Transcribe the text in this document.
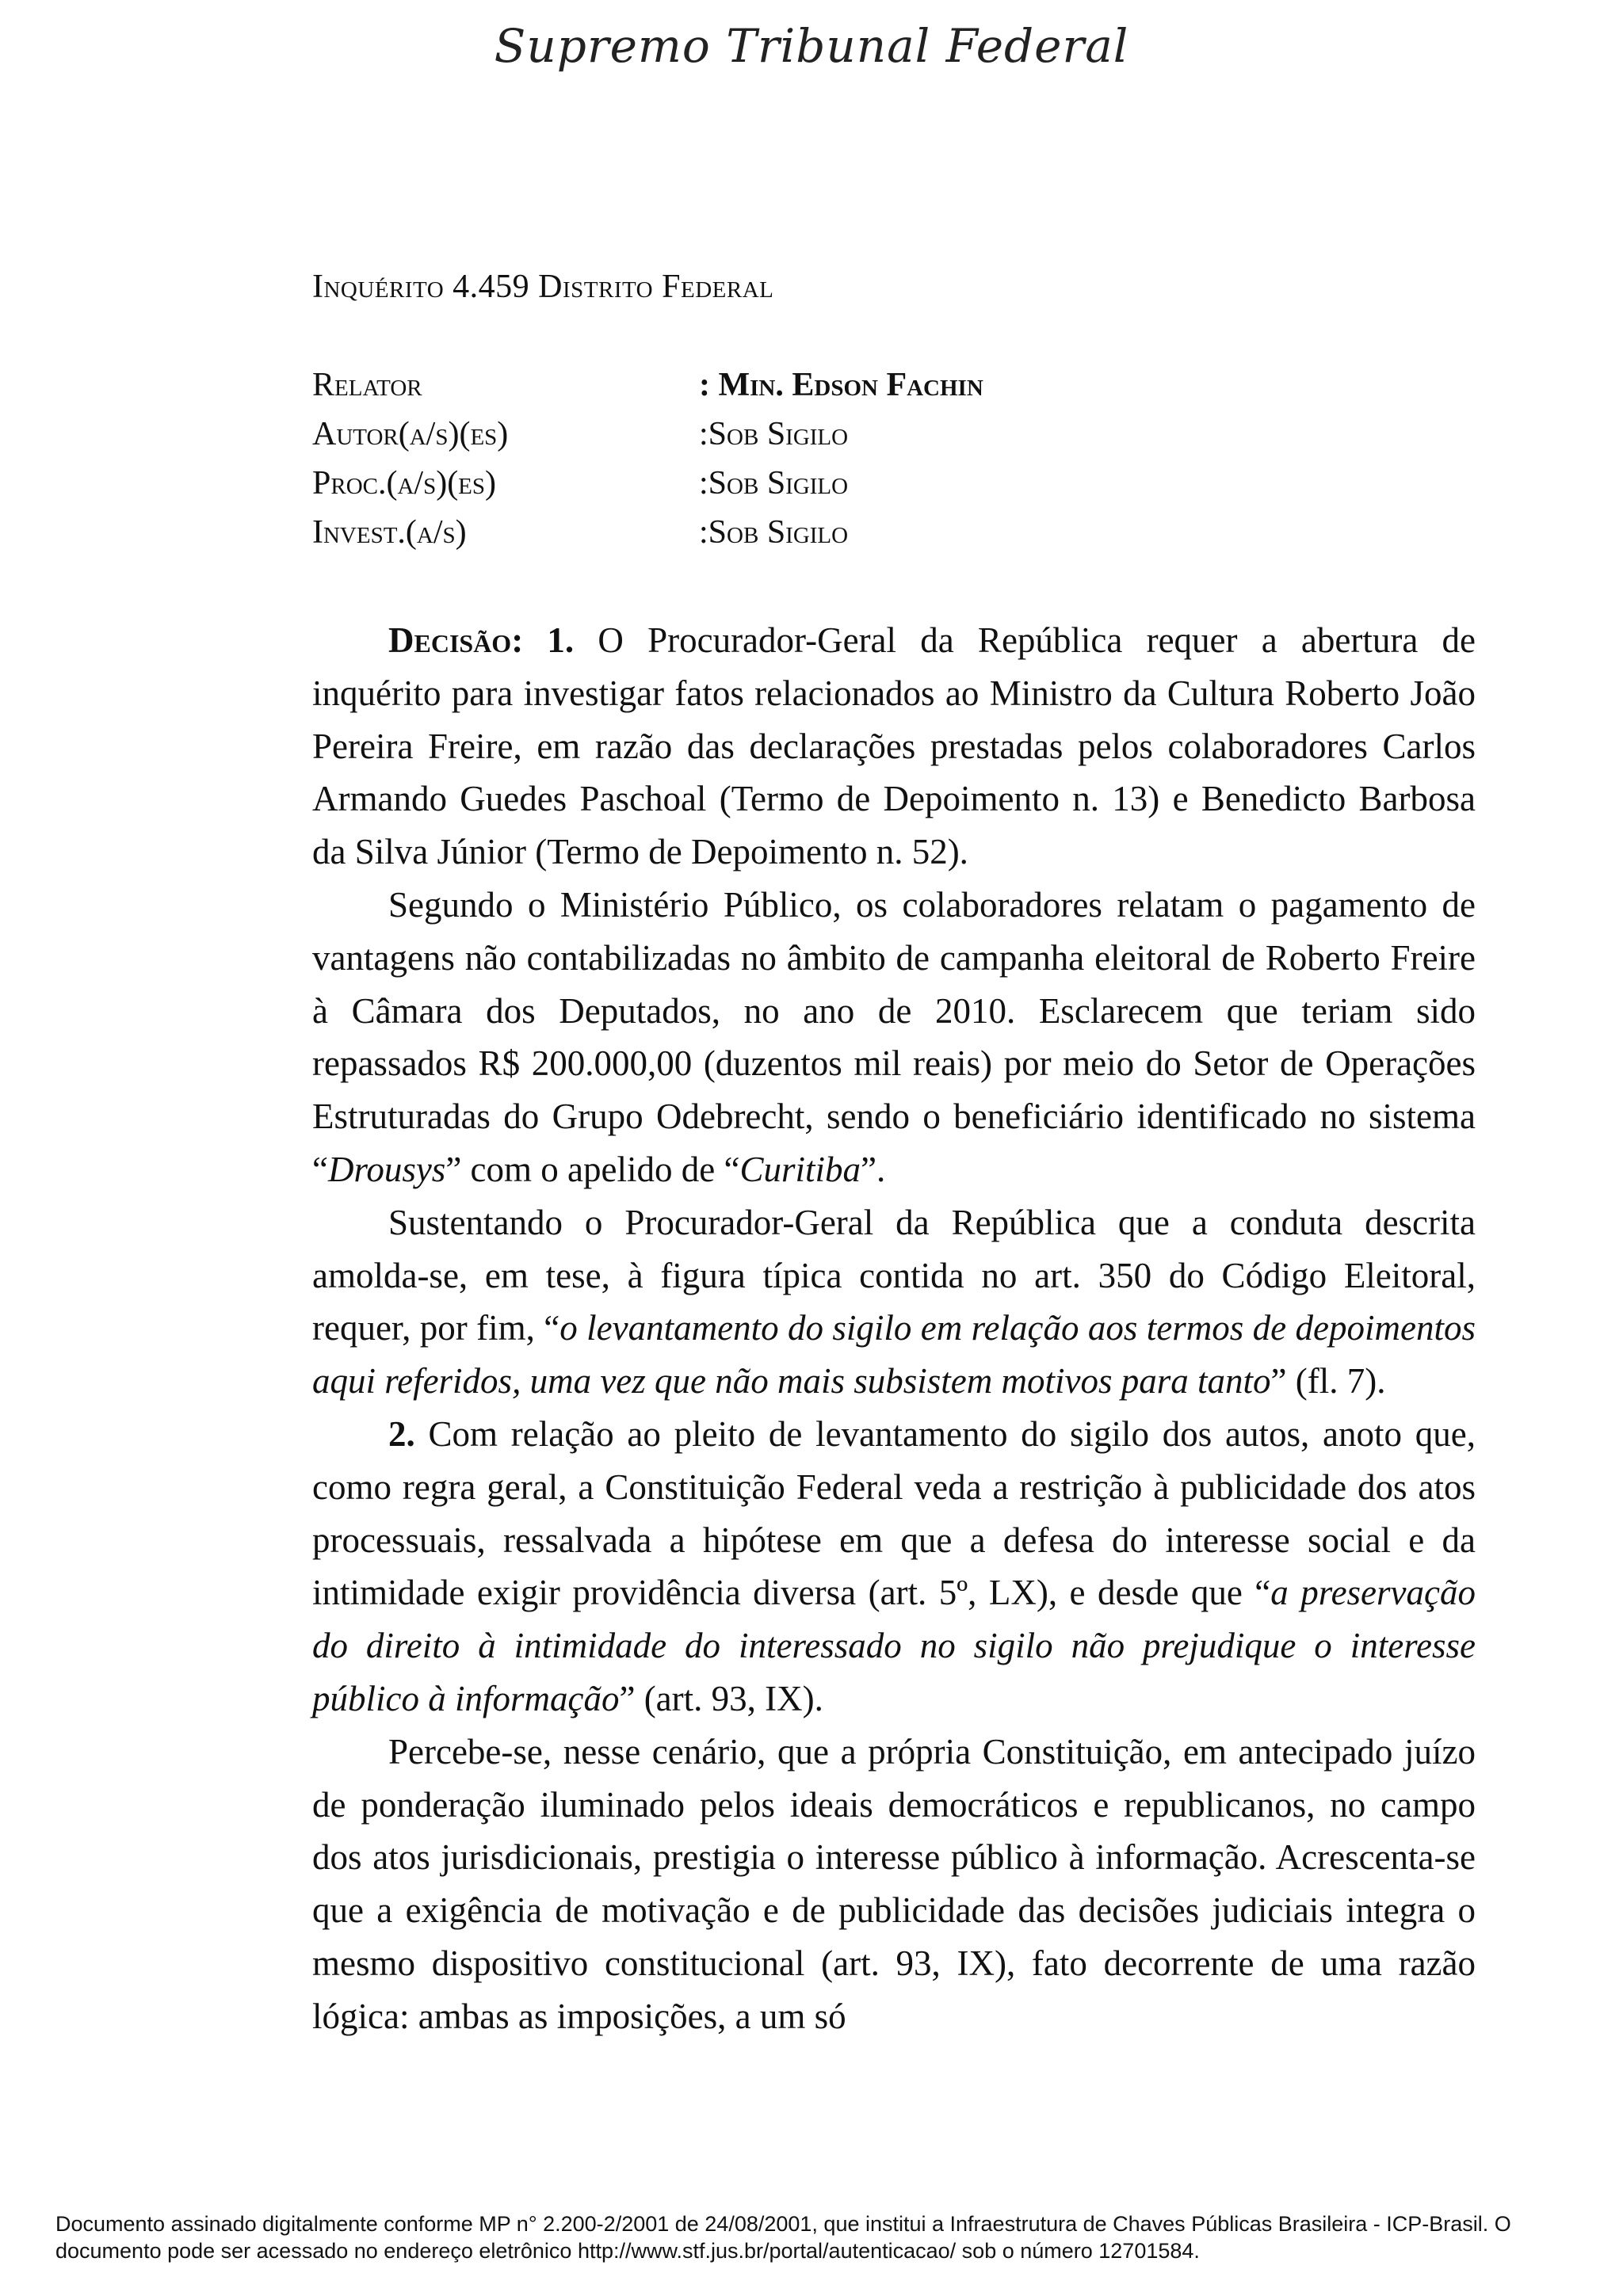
Supremo Tribunal Federal
Inquérito 4.459 Distrito Federal
Relator	: Min. Edson Fachin
Autor(a/s)(es)	:Sob Sigilo
Proc.(a/s)(es)	:Sob Sigilo
Invest.(a/s)	:Sob Sigilo

Decisão: 1. O Procurador-Geral da República requer a abertura de inquérito para investigar fatos relacionados ao Ministro da Cultura Roberto João Pereira Freire, em razão das declarações prestadas pelos colaboradores Carlos Armando Guedes Paschoal (Termo de Depoimento n. 13) e Benedicto Barbosa da Silva Júnior (Termo de Depoimento n. 52).

Segundo o Ministério Público, os colaboradores relatam o pagamento de vantagens não contabilizadas no âmbito de campanha eleitoral de Roberto Freire à Câmara dos Deputados, no ano de 2010. Esclarecem que teriam sido repassados R$ 200.000,00 (duzentos mil reais) por meio do Setor de Operações Estruturadas do Grupo Odebrecht, sendo o beneficiário identificado no sistema “Drousys” com o apelido de “Curitiba”.

Sustentando o Procurador-Geral da República que a conduta descrita amolda-se, em tese, à figura típica contida no art. 350 do Código Eleitoral, requer, por fim, “o levantamento do sigilo em relação aos termos de depoimentos aqui referidos, uma vez que não mais subsistem motivos para tanto” (fl. 7).

2. Com relação ao pleito de levantamento do sigilo dos autos, anoto que, como regra geral, a Constituição Federal veda a restrição à publicidade dos atos processuais, ressalvada a hipótese em que a defesa do interesse social e da intimidade exigir providência diversa (art. 5º, LX), e desde que “a preservação do direito à intimidade do interessado no sigilo não prejudique o interesse público à informação” (art. 93, IX).

Percebe-se, nesse cenário, que a própria Constituição, em antecipado juízo de ponderação iluminado pelos ideais democráticos e republicanos, no campo dos atos jurisdicionais, prestigia o interesse público à informação. Acrescenta-se que a exigência de motivação e de publicidade das decisões judiciais integra o mesmo dispositivo constitucional (art. 93, IX), fato decorrente de uma razão lógica: ambas as imposições, a um só

Documento assinado digitalmente conforme MP n° 2.200-2/2001 de 24/08/2001, que institui a Infraestrutura de Chaves Públicas Brasileira - ICP-Brasil. O documento pode ser acessado no endereço eletrônico http://www.stf.jus.br/portal/autenticacao/ sob o número 12701584.
